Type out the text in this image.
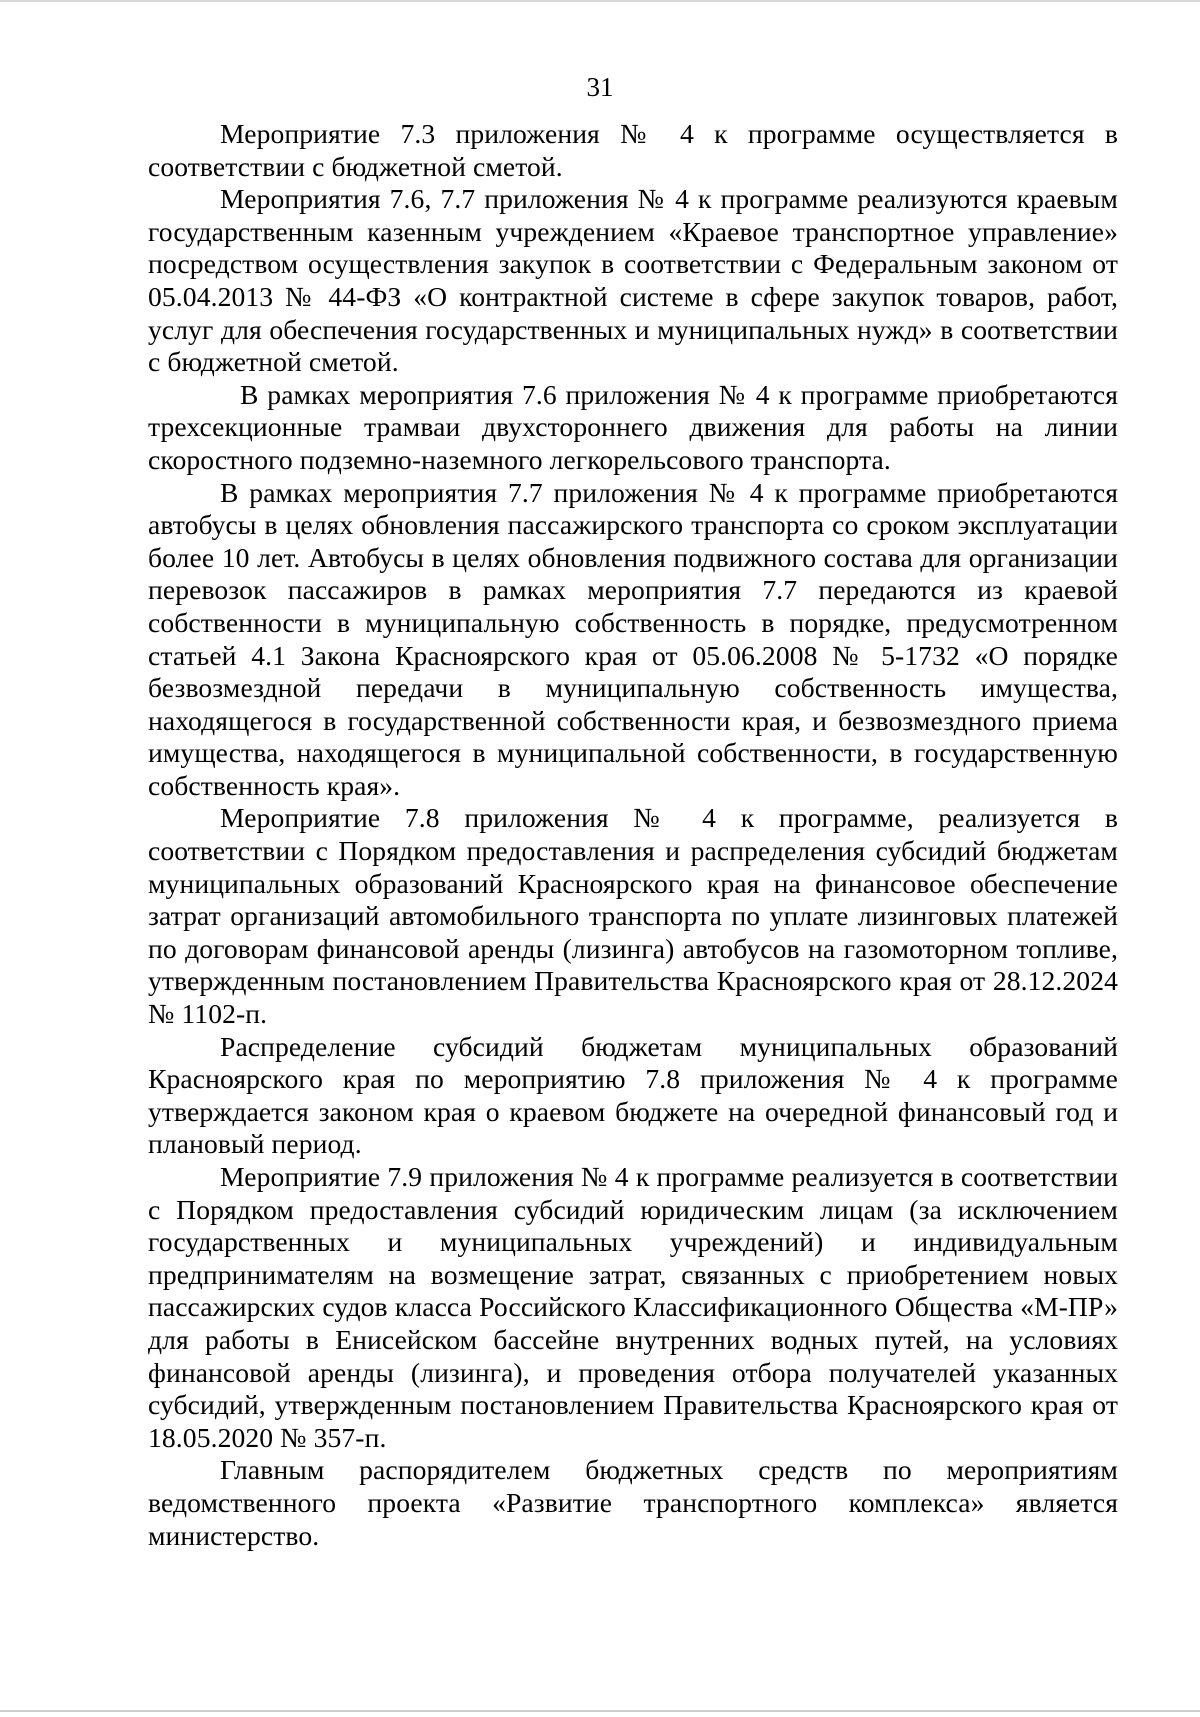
31

Мероприятие 7.3 приложения № 4 к программе осуществляется в соответствии с бюджетной сметой.

Мероприятия 7.6, 7.7 приложения № 4 к программе реализуются краевым государственным казенным учреждением «Краевое транспортное управление» посредством осуществления закупок в соответствии с Федеральным законом от 05.04.2013 № 44-ФЗ «О контрактной системе в сфере закупок товаров, работ, услуг для обеспечения государственных и муниципальных нужд» в соответствии с бюджетной сметой.

В рамках мероприятия 7.6 приложения № 4 к программе приобретаются трехсекционные трамваи двухстороннего движения для работы на линии скоростного подземно-наземного легкорельсового транспорта.

В рамках мероприятия 7.7 приложения № 4 к программе приобретаются автобусы в целях обновления пассажирского транспорта со сроком эксплуатации более 10 лет. Автобусы в целях обновления подвижного состава для организации перевозок пассажиров в рамках мероприятия 7.7 передаются из краевой собственности в муниципальную собственность в порядке, предусмотренном статьей 4.1 Закона Красноярского края от 05.06.2008 № 5-1732 «О порядке безвозмездной передачи в муниципальную собственность имущества, находящегося в государственной собственности края, и безвозмездного приема имущества, находящегося в муниципальной собственности, в государственную собственность края».

Мероприятие 7.8 приложения № 4 к программе, реализуется в соответствии с Порядком предоставления и распределения субсидий бюджетам муниципальных образований Красноярского края на финансовое обеспечение затрат организаций автомобильного транспорта по уплате лизинговых платежей по договорам финансовой аренды (лизинга) автобусов на газомоторном топливе, утвержденным постановлением Правительства Красноярского края от 28.12.2024 № 1102-п.

Распределение субсидий бюджетам муниципальных образований Красноярского края по мероприятию 7.8 приложения № 4 к программе утверждается законом края о краевом бюджете на очередной финансовый год и плановый период.

Мероприятие 7.9 приложения № 4 к программе реализуется в соответствии с Порядком предоставления субсидий юридическим лицам (за исключением государственных и муниципальных учреждений) и индивидуальным предпринимателям на возмещение затрат, связанных с приобретением новых пассажирских судов класса Российского Классификационного Общества «М-ПР» для работы в Енисейском бассейне внутренних водных путей, на условиях финансовой аренды (лизинга), и проведения отбора получателей указанных субсидий, утвержденным постановлением Правительства Красноярского края от 18.05.2020 № 357-п.

Главным распорядителем бюджетных средств по мероприятиям ведомственного проекта «Развитие транспортного комплекса» является министерство.
